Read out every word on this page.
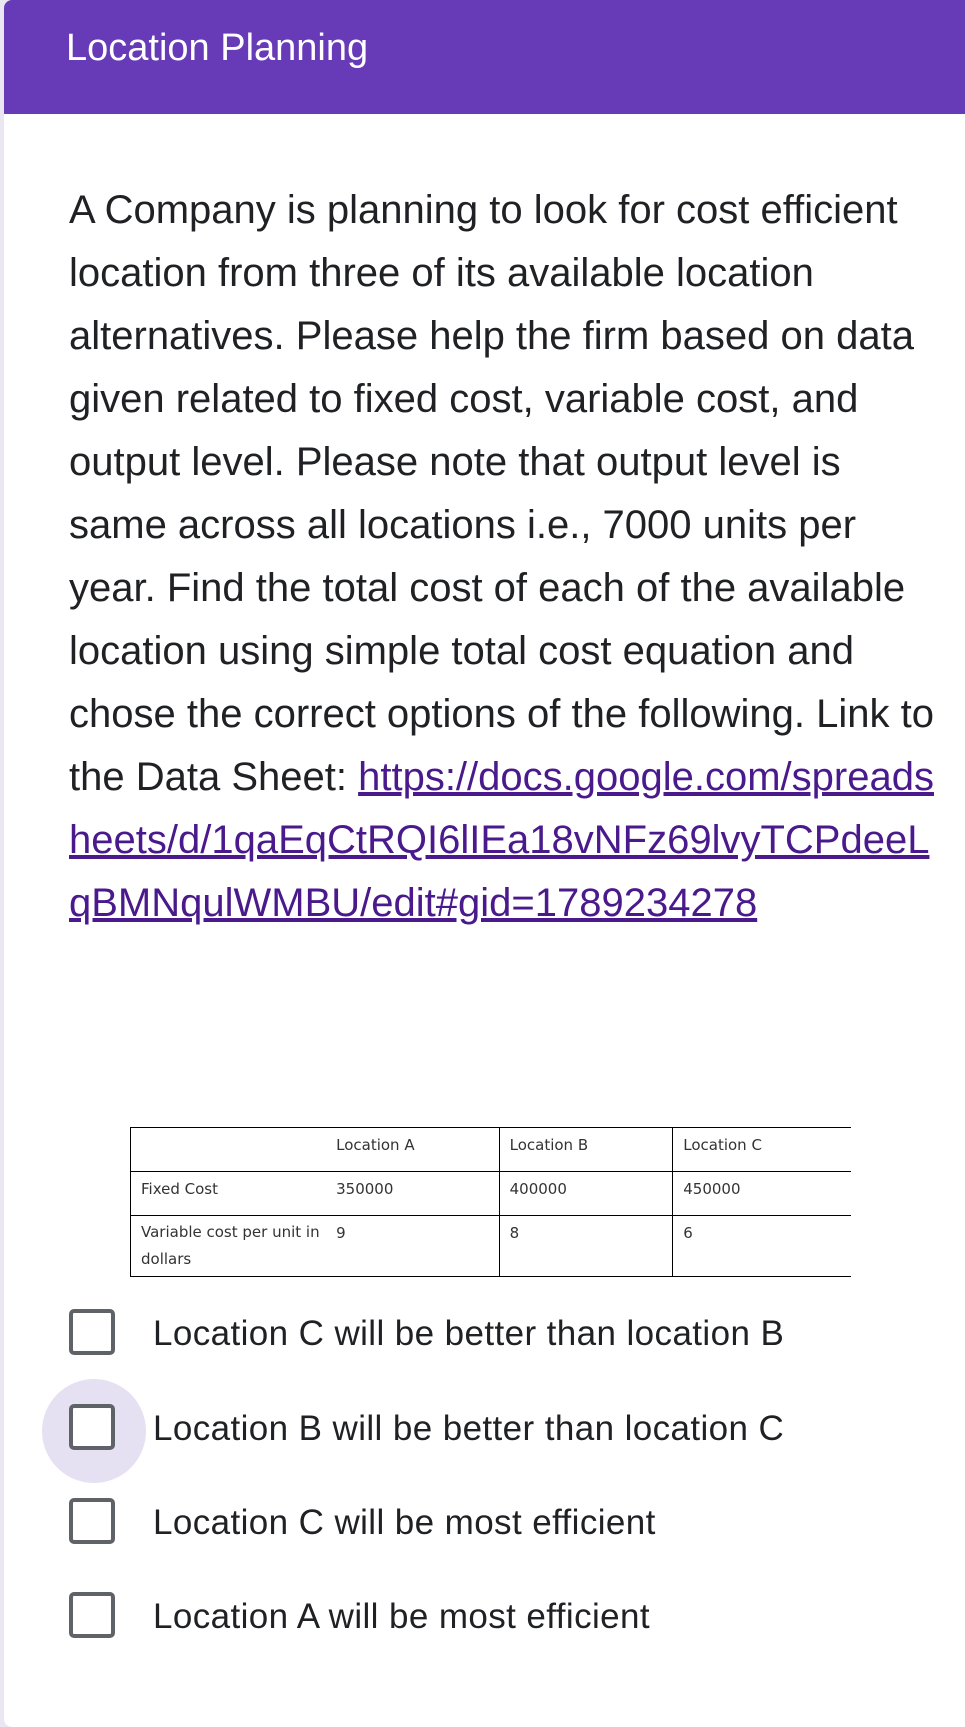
Location Planning
A Company is planning to look for cost efficient location from three of its available location alternatives. Please help the firm based on data given related to fixed cost, variable cost, and output level. Please note that output level is same across all locations i.e., 7000 units per year. Find the total cost of each of the available location using simple total cost equation and chose the correct options of the following. Link to the Data Sheet: https://docs.google.com/spreadsheets/d/1qaEqCtRQI6lIEa18vNFz69lvyTCPdeeLqBMNqulWMBU/edit#gid=1789234278
	Location A	Location B	Location C
Fixed Cost	350000	400000	450000
Variable cost per unit in dollars	9	8	6
Location C will be better than location B
Location B will be better than location C
Location C will be most efficient
Location A will be most efficient
